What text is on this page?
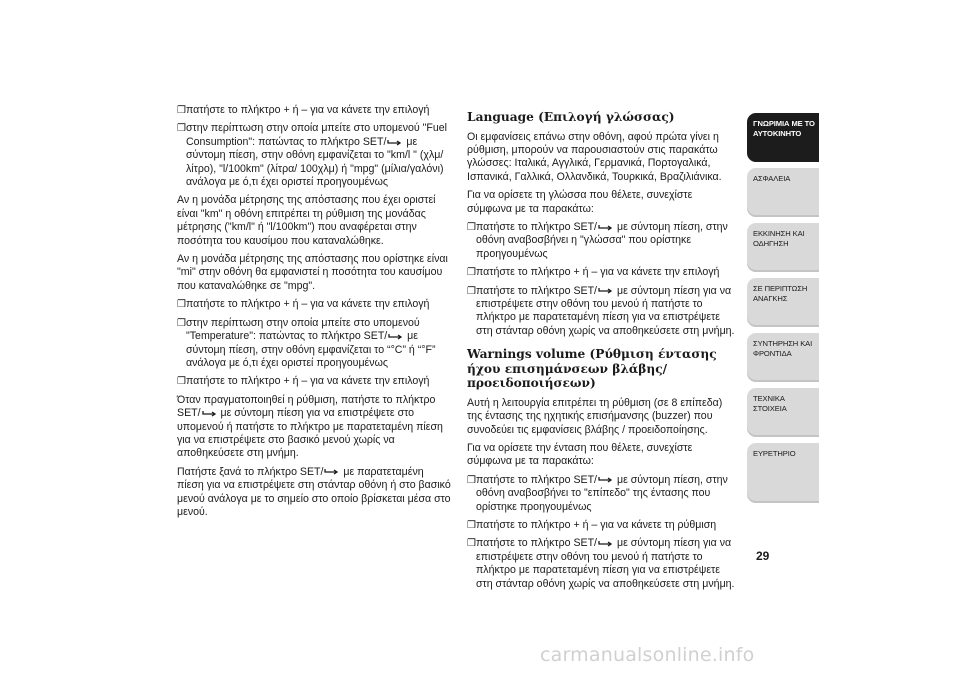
❒ πατήστε το πλήκτρο + ή – για να κάνετε την επιλογή
❒ στην περίπτωση στην οποία μπείτε στο υπομενού "Fuel Consumption": πατώντας το πλήκτρο SET/
με σύντομη πίεση, στην οθόνη εμφανίζεται το "km/l " (χλμ/λίτρο), "l/100km" (λίτρα/ 100χλμ) ή "mpg" (μίλια/γαλόνι) ανάλογα με ό,τι έχει οριστεί προηγουμένως

Αν η μονάδα μέτρησης της απόστασης που έχει οριστεί είναι "km" η οθόνη επιτρέπει τη ρύθμιση της μονάδας μέτρησης ("km/l" ή "l/100km") που αναφέρεται στην ποσότητα του καυσίμου που καταναλώθηκε.

Αν η μονάδα μέτρησης της απόστασης που ορίστηκε είναι "mi" στην οθόνη θα εμφανιστεί η ποσότητα του καυσίμου που καταναλώθηκε σε "mpg".

❒ πατήστε το πλήκτρο + ή – για να κάνετε την επιλογή
❒ στην περίπτωση στην οποία μπείτε στο υπομενού "Temperature": πατώντας το πλήκτρο SET/
με σύντομη πίεση, στην οθόνη εμφανίζεται το “°C” ή “°F” ανάλογα με ό,τι έχει οριστεί προηγουμένως
❒ πατήστε το πλήκτρο + ή – για να κάνετε την επιλογή

Όταν πραγματοποιηθεί η ρύθμιση, πατήστε το πλήκτρο SET/
με σύντομη πίεση για να επιστρέψετε στο υπομενού ή πατήστε το πλήκτρο με παρατεταμένη πίεση για να επιστρέψετε στο βασικό μενού χωρίς να αποθηκεύσετε στη μνήμη.

Πατήστε ξανά το πλήκτρο SET/
με παρατεταμένη πίεση για να επιστρέψετε στη στάνταρ οθόνη ή στο βασικό μενού ανάλογα με το σημείο στο οποίο βρίσκεται μέσα στο μενού.

Language (Επιλογή γλώσσας)

Οι εμφανίσεις επάνω στην οθόνη, αφού πρώτα γίνει η ρύθμιση, μπορούν να παρουσιαστούν στις παρακάτω γλώσσες: Ιταλικά, Αγγλικά, Γερμανικά, Πορτογαλικά, Ισπανικά, Γαλλικά, Ολλανδικά, Τουρκικά, Βραζιλιάνικα.

Για να ορίσετε τη γλώσσα που θέλετε, συνεχίστε σύμφωνα με τα παρακάτω:

❒ πατήστε το πλήκτρο SET/
με σύντομη πίεση, στην οθόνη αναβοσβήνει η "γλώσσα" που ορίστηκε προηγουμένως
❒ πατήστε το πλήκτρο + ή – για να κάνετε την επιλογή
❒ πατήστε το πλήκτρο SET/
με σύντομη πίεση για να επιστρέψετε στην οθόνη του μενού ή πατήστε το πλήκτρο με παρατεταμένη πίεση για να επιστρέψετε στη στάνταρ οθόνη χωρίς να αποθηκεύσετε στη μνήμη.
Warnings volume (Ρύθμιση έντασης ήχου επισημάνσεων βλάβης/προειδοποιήσεων)

Αυτή η λειτουργία επιτρέπει τη ρύθμιση (σε 8 επίπεδα) της έντασης της ηχητικής επισήμανσης (buzzer) που συνοδεύει τις εμφανίσεις βλάβης / προειδοποίησης.

Για να ορίσετε την ένταση που θέλετε, συνεχίστε σύμφωνα με τα παρακάτω:

❒ πατήστε το πλήκτρο SET/
με σύντομη πίεση, στην οθόνη αναβοσβήνει το "επίπεδο" της έντασης που ορίστηκε προηγουμένως
❒ πατήστε το πλήκτρο + ή – για να κάνετε τη ρύθμιση
❒ πατήστε το πλήκτρο SET/
με σύντομη πίεση για να επιστρέψετε στην οθόνη του μενού ή πατήστε το πλήκτρο με παρατεταμένη πίεση για να επιστρέψετε στη στάνταρ οθόνη χωρίς να αποθηκεύσετε στη μνήμη.
ΓΝΩΡΙΜΙΑ ΜΕ ΤΟ ΑΥΤΟΚΙΝΗΤΟ
ΑΣΦΑΛΕΙΑ
ΕΚΚΙΝΗΣΗ ΚΑΙ ΟΔΗΓΗΣΗ
ΣΕ ΠΕΡΙΠΤΩΣΗ ΑΝΑΓΚΗΣ
ΣΥΝΤΗΡΗΣΗ ΚΑΙ ΦΡΟΝΤΙΔΑ
ΤΕΧΝΙΚΑ ΣΤΟΙΧΕΙΑ
ΕΥΡΕΤΗΡΙΟ
29
carmanualsonline.info
